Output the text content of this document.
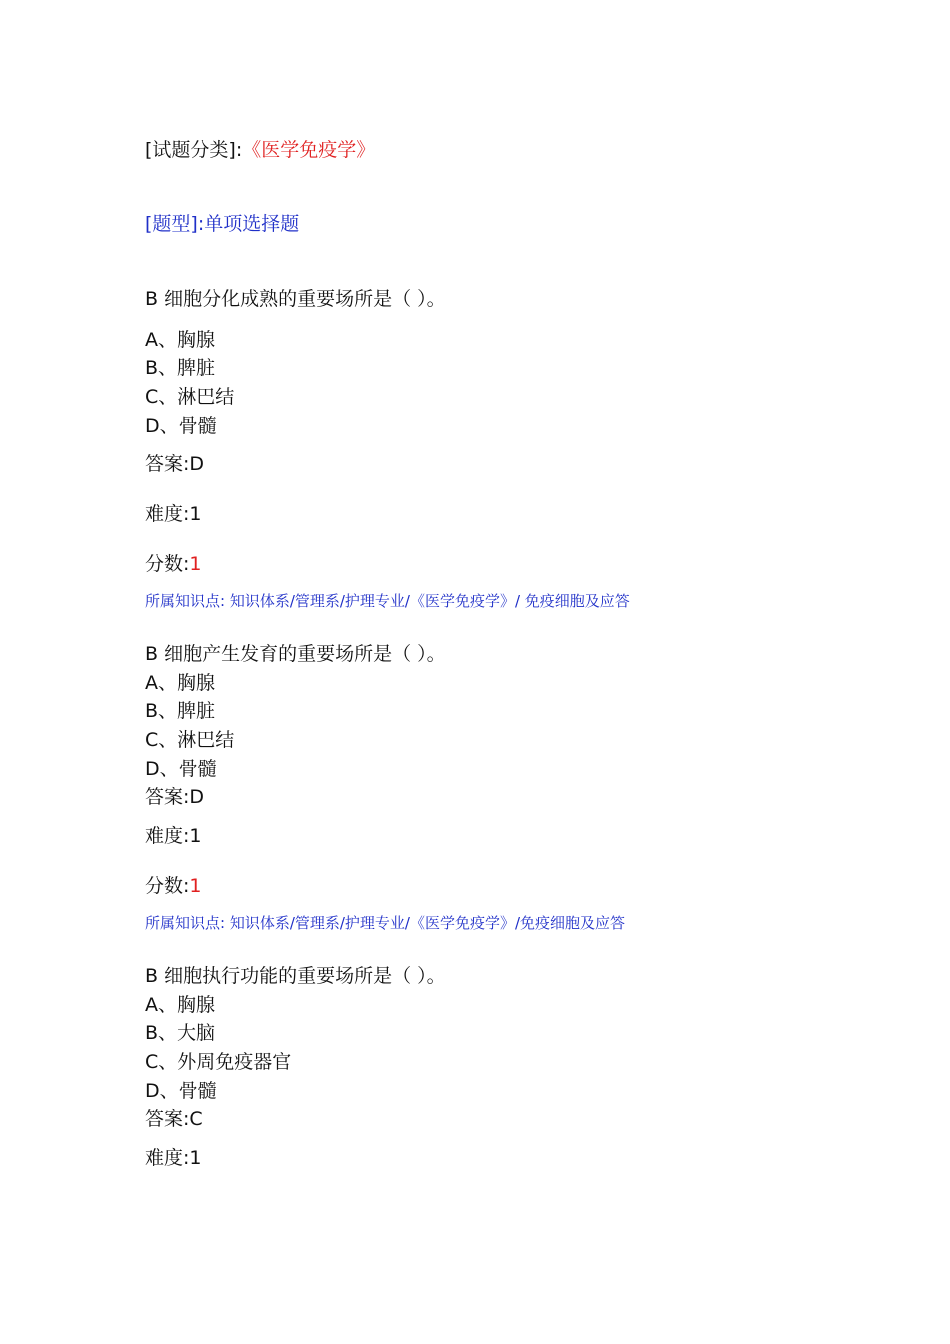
[试题分类]:《医学免疫学》
[题型]:单项选择题
B 细胞分化成熟的重要场所是（ ）。
A、胸腺
B、脾脏
C、淋巴结
D、骨髓
答案:D
难度:1
分数:1
所属知识点: 知识体系/管理系/护理专业/《医学免疫学》/ 免疫细胞及应答
B 细胞产生发育的重要场所是（ ）。
A、胸腺
B、脾脏
C、淋巴结
D、骨髓
答案:D
难度:1
分数:1
所属知识点: 知识体系/管理系/护理专业/《医学免疫学》/免疫细胞及应答
B 细胞执行功能的重要场所是（ ）。
A、胸腺
B、大脑
C、外周免疫器官
D、骨髓
答案:C
难度:1
